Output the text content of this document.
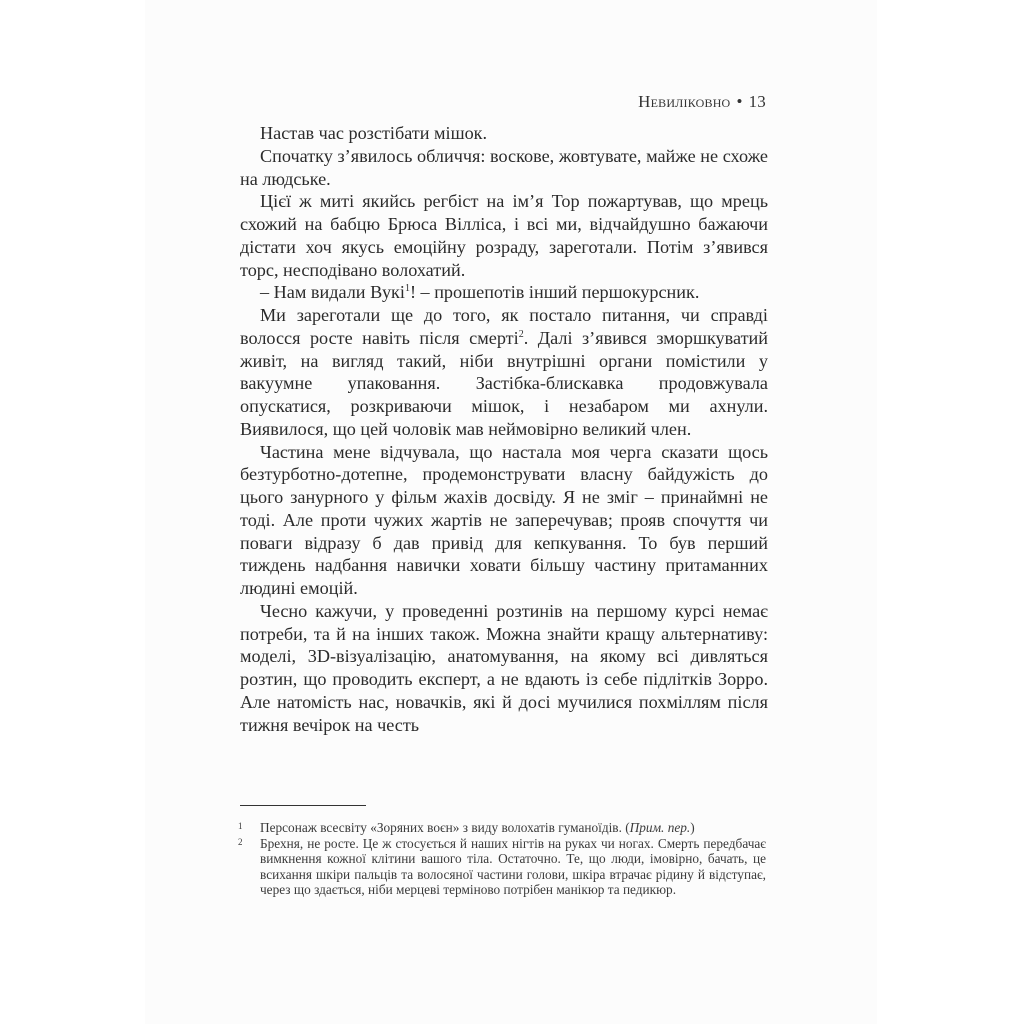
Невиліковно • 13

Настав час розстібати мішок.

Спочатку з’явилось обличчя: воскове, жовтувате, майже не схоже на людське.

Цієї ж миті якийсь регбіст на ім’я Тор пожартував, що мрець схожий на бабцю Брюса Вілліса, і всі ми, відчайдушно бажаючи дістати хоч якусь емоційну розраду, зареготали. Потім з’явився торс, несподівано волохатий.

– Нам видали Вукі$^1$! – прошепотів інший першокурсник.

Ми зареготали ще до того, як постало питання, чи справді волосся росте навіть після смерті$^2$. Далі з’явився зморшкуватий живіт, на вигляд такий, ніби внутрішні органи помістили у вакуумне упаковання. Застібка-блискавка продовжувала опускатися, розкриваючи мішок, і незабаром ми ахнули. Виявилося, що цей чоловік мав неймовірно великий член.

Частина мене відчувала, що настала моя черга сказати щось безтурботно-дотепне, продемонструвати власну байдужість до цього занурного у фільм жахів досвіду. Я не зміг – принаймні не тоді. Але проти чужих жартів не заперечував; прояв спочуття чи поваги відразу б дав привід для кепкування. То був перший тиждень надбання навички ховати більшу частину притаманних людині емоцій.

Чесно кажучи, у проведенні розтинів на першому курсі немає потреби, та й на інших також. Можна знайти кращу альтернативу: моделі, 3D-візуалізацію, анатомування, на якому всі дивляться розтин, що проводить експерт, а не вдають із себе підлітків Зорро. Але натомість нас, новачків, які й досі мучилися похміллям після тижня вечірок на честь

1	Персонаж всесвіту «Зоряних воєн» з виду волохатів гуманоїдів. (Прим. пер.)
2	Брехня, не росте. Це ж стосується й наших нігтів на руках чи ногах. Смерть передбачає вимкнення кожної клітини вашого тіла. Остаточно. Те, що люди, імовірно, бачать, це всихання шкіри пальців та волосяної частини голови, шкіра втрачає рідину й відступає, через що здається, ніби мерцеві терміново потрібен манікюр та педикюр.
